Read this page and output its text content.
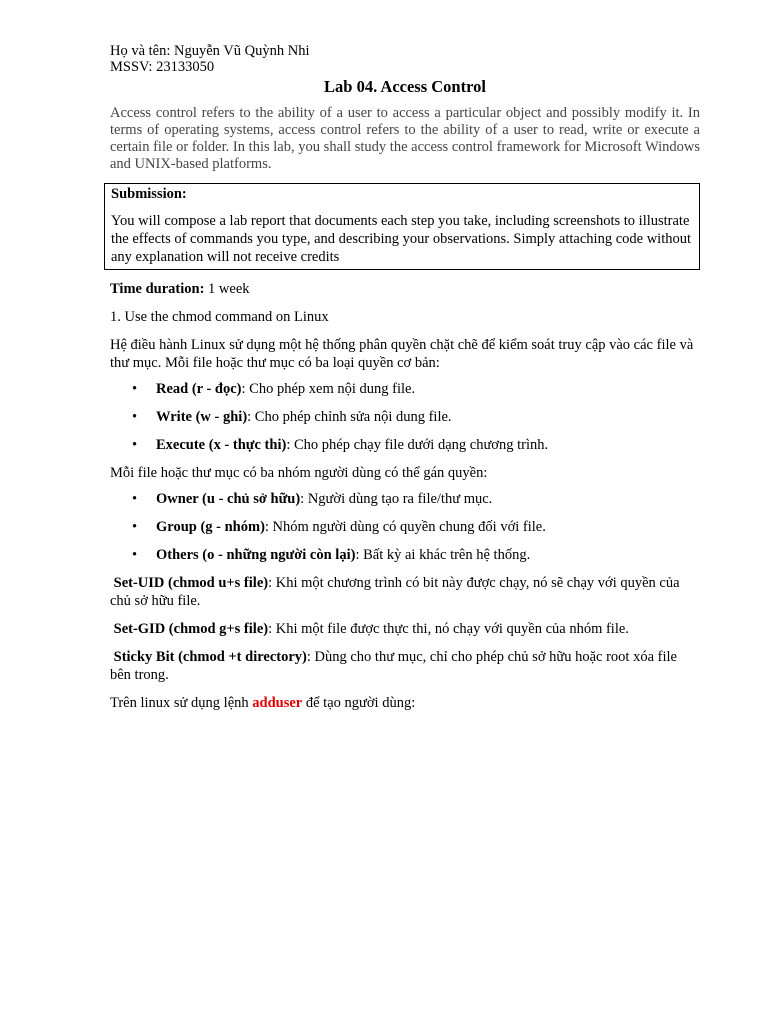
Họ và tên: Nguyễn Vũ Quỳnh Nhi
MSSV: 23133050
Lab 04. Access Control

Access control refers to the ability of a user to access a particular object and possibly modify it. In terms of operating systems, access control refers to the ability of a user to read, write or execute a certain file or folder. In this lab, you shall study the access control framework for Microsoft Windows and UNIX-based platforms.

Submission:
You will compose a lab report that documents each step you take, including screenshots to illustrate the effects of commands you type, and describing your observations. Simply attaching code without any explanation will not receive credits

Time duration: 1 week

1. Use the chmod command on Linux

Hệ điều hành Linux sử dụng một hệ thống phân quyền chặt chẽ để kiểm soát truy cập vào các file và thư mục. Mỗi file hoặc thư mục có ba loại quyền cơ bản:

• Read (r - đọc): Cho phép xem nội dung file.
• Write (w - ghi): Cho phép chỉnh sửa nội dung file.
• Execute (x - thực thi): Cho phép chạy file dưới dạng chương trình.

Mỗi file hoặc thư mục có ba nhóm người dùng có thể gán quyền:

• Owner (u - chủ sở hữu): Người dùng tạo ra file/thư mục.
• Group (g - nhóm): Nhóm người dùng có quyền chung đối với file.
• Others (o - những người còn lại): Bất kỳ ai khác trên hệ thống.

Set-UID (chmod u+s file): Khi một chương trình có bit này được chạy, nó sẽ chạy với quyền của chủ sở hữu file.

Set-GID (chmod g+s file): Khi một file được thực thi, nó chạy với quyền của nhóm file.

Sticky Bit (chmod +t directory): Dùng cho thư mục, chỉ cho phép chủ sở hữu hoặc root xóa file bên trong.

Trên linux sử dụng lệnh adduser để tạo người dùng:
